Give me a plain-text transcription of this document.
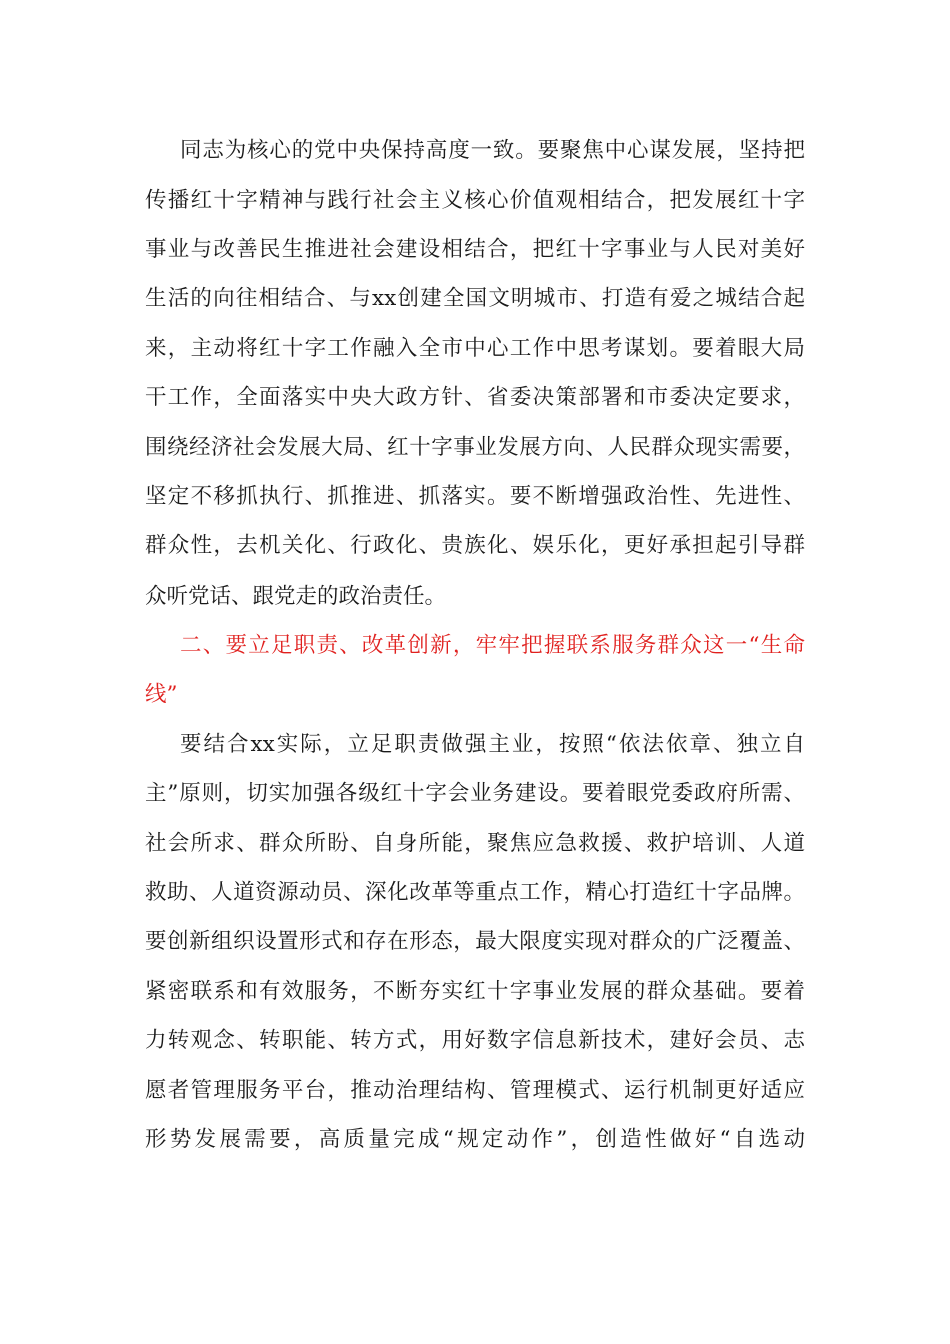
同志为核心的党中央保持高度一致。要聚焦中心谋发展，坚持把
传播红十字精神与践行社会主义核心价值观相结合，把发展红十字
事业与改善民生推进社会建设相结合，把红十字事业与人民对美好
生活的向往相结合、与xx创建全国文明城市、打造有爱之城结合起
来，主动将红十字工作融入全市中心工作中思考谋划。要着眼大局
干工作，全面落实中央大政方针、省委决策部署和市委决定要求，
围绕经济社会发展大局、红十字事业发展方向、人民群众现实需要，
坚定不移抓执行、抓推进、抓落实。要不断增强政治性、先进性、
群众性，去机关化、行政化、贵族化、娱乐化，更好承担起引导群
众听党话、跟党走的政治责任。
二、要立足职责、改革创新，牢牢把握联系服务群众这一“生命
线”
要结合xx实际，立足职责做强主业，按照“依法依章、独立自
主”原则，切实加强各级红十字会业务建设。要着眼党委政府所需、
社会所求、群众所盼、自身所能，聚焦应急救援、救护培训、人道
救助、人道资源动员、深化改革等重点工作，精心打造红十字品牌。
要创新组织设置形式和存在形态，最大限度实现对群众的广泛覆盖、
紧密联系和有效服务，不断夯实红十字事业发展的群众基础。要着
力转观念、转职能、转方式，用好数字信息新技术，建好会员、志
愿者管理服务平台，推动治理结构、管理模式、运行机制更好适应
形势发展需要，高质量完成“规定动作”，创造性做好“自选动
